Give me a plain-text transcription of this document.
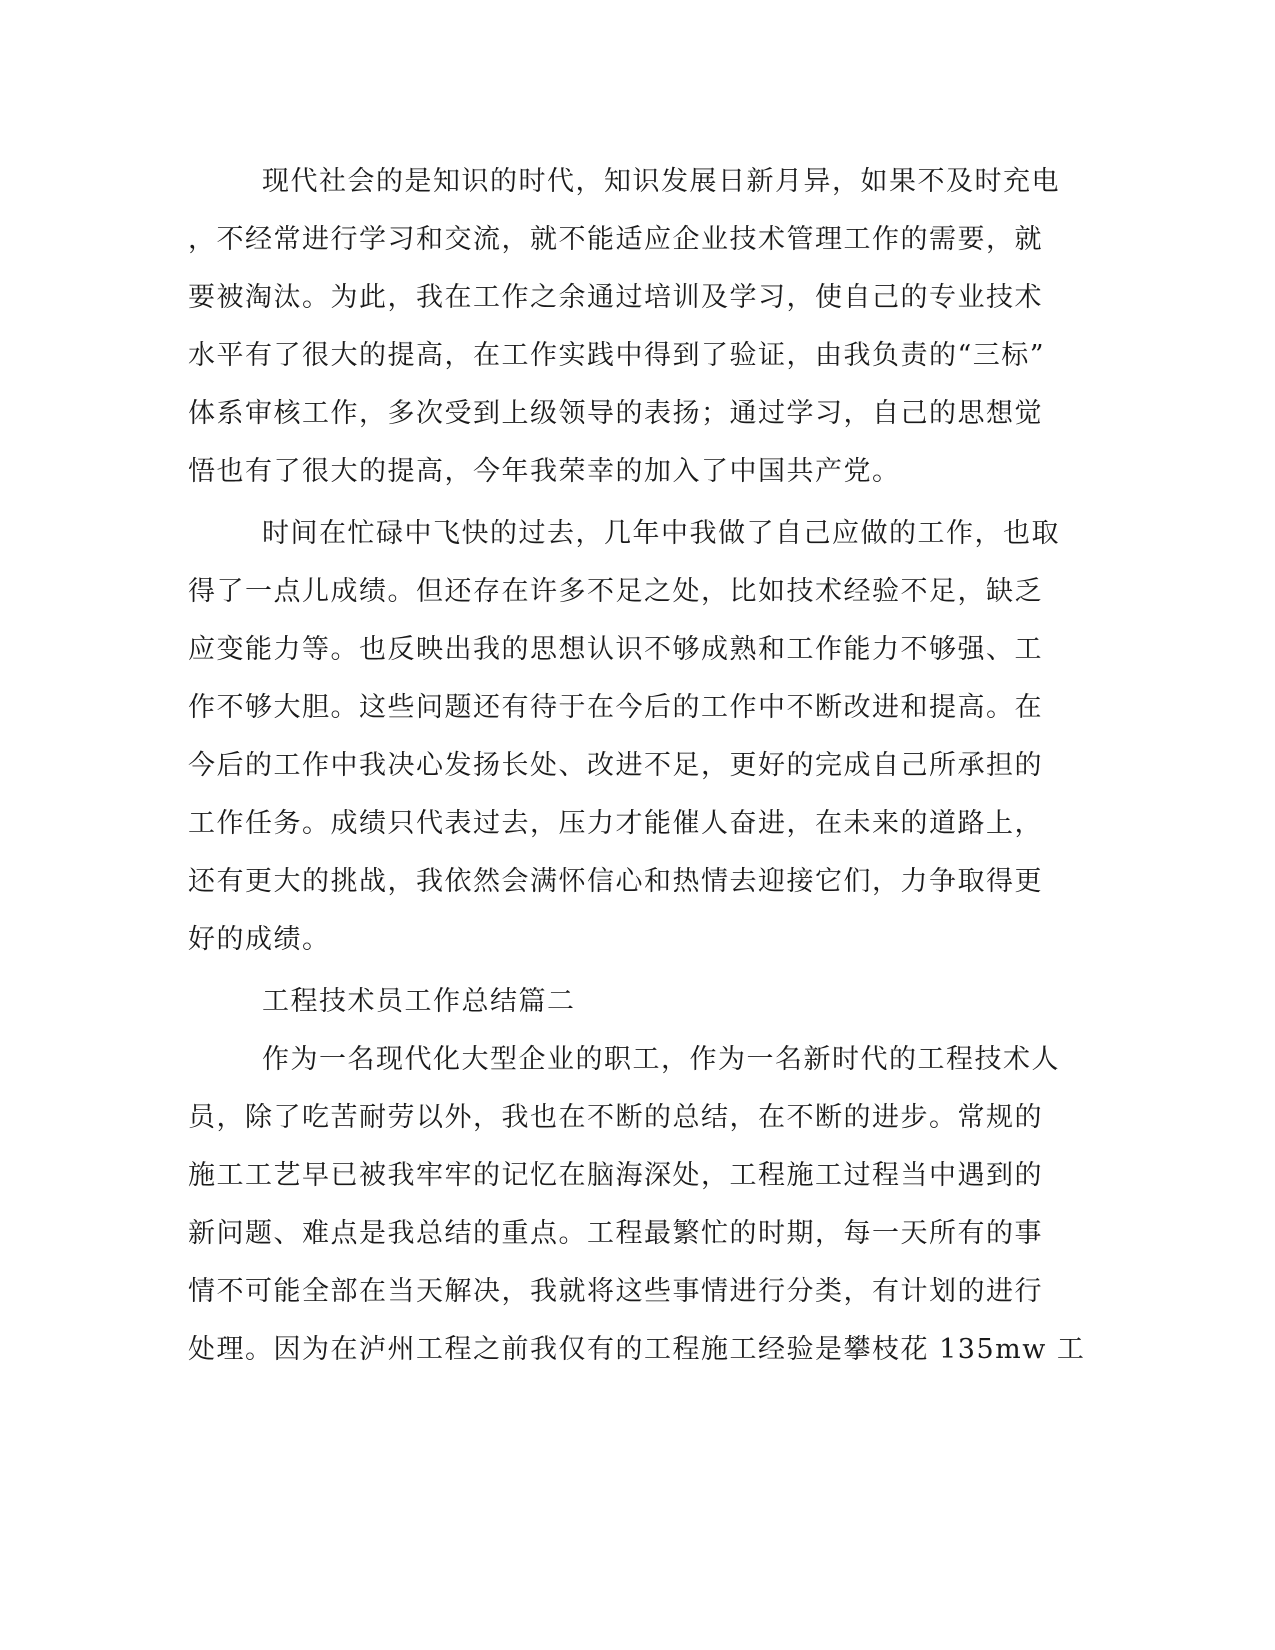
现代社会的是知识的时代，知识发展日新月异，如果不及时充电
，不经常进行学习和交流，就不能适应企业技术管理工作的需要，就
要被淘汰。为此，我在工作之余通过培训及学习，使自己的专业技术
水平有了很大的提高，在工作实践中得到了验证，由我负责的“三标”
体系审核工作，多次受到上级领导的表扬；通过学习，自己的思想觉
悟也有了很大的提高，今年我荣幸的加入了中国共产党。
时间在忙碌中飞快的过去，几年中我做了自己应做的工作，也取
得了一点儿成绩。但还存在许多不足之处，比如技术经验不足，缺乏
应变能力等。也反映出我的思想认识不够成熟和工作能力不够强、工
作不够大胆。这些问题还有待于在今后的工作中不断改进和提高。在
今后的工作中我决心发扬长处、改进不足，更好的完成自己所承担的
工作任务。成绩只代表过去，压力才能催人奋进，在未来的道路上，
还有更大的挑战，我依然会满怀信心和热情去迎接它们，力争取得更
好的成绩。
工程技术员工作总结篇二
作为一名现代化大型企业的职工，作为一名新时代的工程技术人
员，除了吃苦耐劳以外，我也在不断的总结，在不断的进步。常规的
施工工艺早已被我牢牢的记忆在脑海深处，工程施工过程当中遇到的
新问题、难点是我总结的重点。工程最繁忙的时期，每一天所有的事
情不可能全部在当天解决，我就将这些事情进行分类，有计划的进行
处理。因为在泸州工程之前我仅有的工程施工经验是攀枝花 135mw 工
